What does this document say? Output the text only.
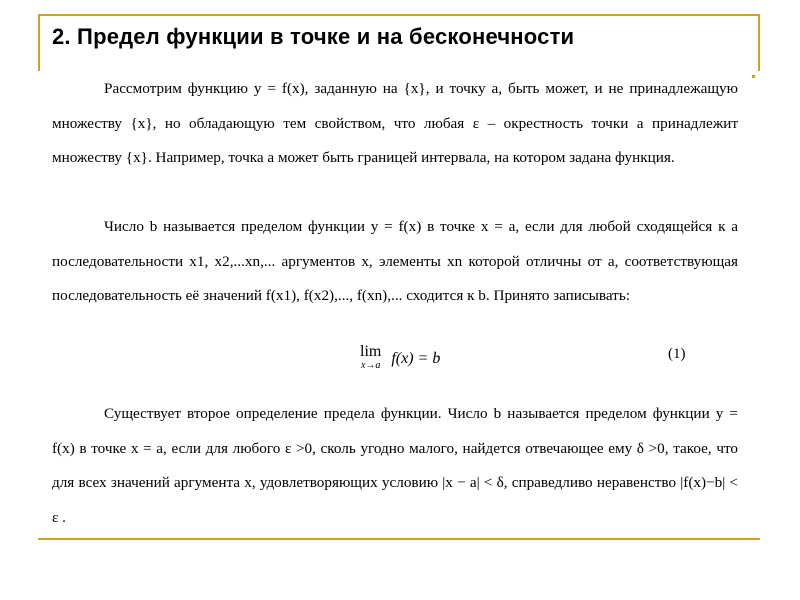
2. Предел функции в точке и на бесконечности

Рассмотрим функцию y = f(x), заданную на {x}, и точку a, быть может, и не принадлежащую множеству {x}, но обладающую тем свойством, что любая ε – окрестность точки a принадлежит множеству {x}. Например, точка a может быть границей интервала, на котором задана функция.

Число b называется пределом функции y = f(x) в точке x = a, если для любой сходящейся к a последовательности x1, x2,...xn,... аргументов x, элементы xn которой отличны от a, соответствующая последовательность её значений f(x1), f(x2),..., f(xn),... сходится к b. Принято записывать:

lim
x→a f(x) = b	(1)

Существует второе определение предела функции. Число b называется пределом функции y = f(x) в точке x = a, если для любого ε >0, сколь угодно малого, найдется отвечающее ему δ >0, такое, что для всех значений аргумента x, удовлетворяющих условию |x − a| < δ, справедливо неравенство |f(x)−b| < ε .
